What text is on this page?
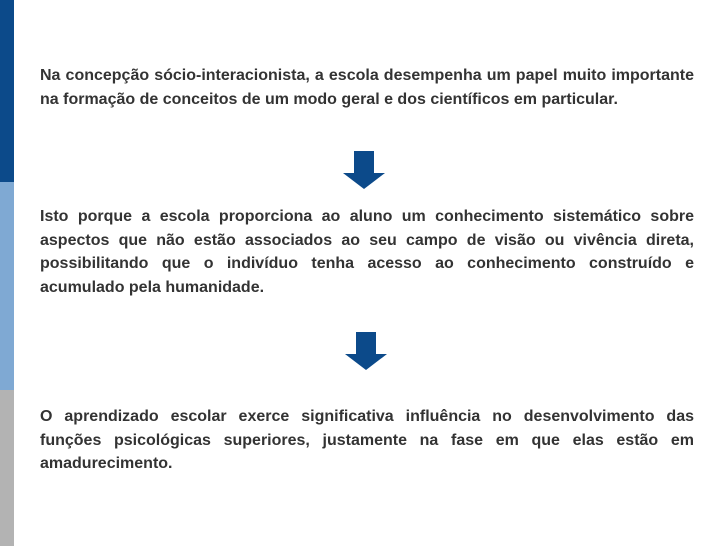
Na concepção sócio-interacionista, a escola desempenha um papel muito importante na formação de conceitos de um modo geral e dos científicos em particular.

Isto porque a escola proporciona ao aluno um conhecimento sistemático sobre aspectos que não estão associados ao seu campo de visão ou vivência direta, possibilitando que o indivíduo tenha acesso ao conhecimento construído e acumulado pela humanidade.

O aprendizado escolar exerce significativa influência no desenvolvimento das funções psicológicas superiores, justamente na fase em que elas estão em amadurecimento.
